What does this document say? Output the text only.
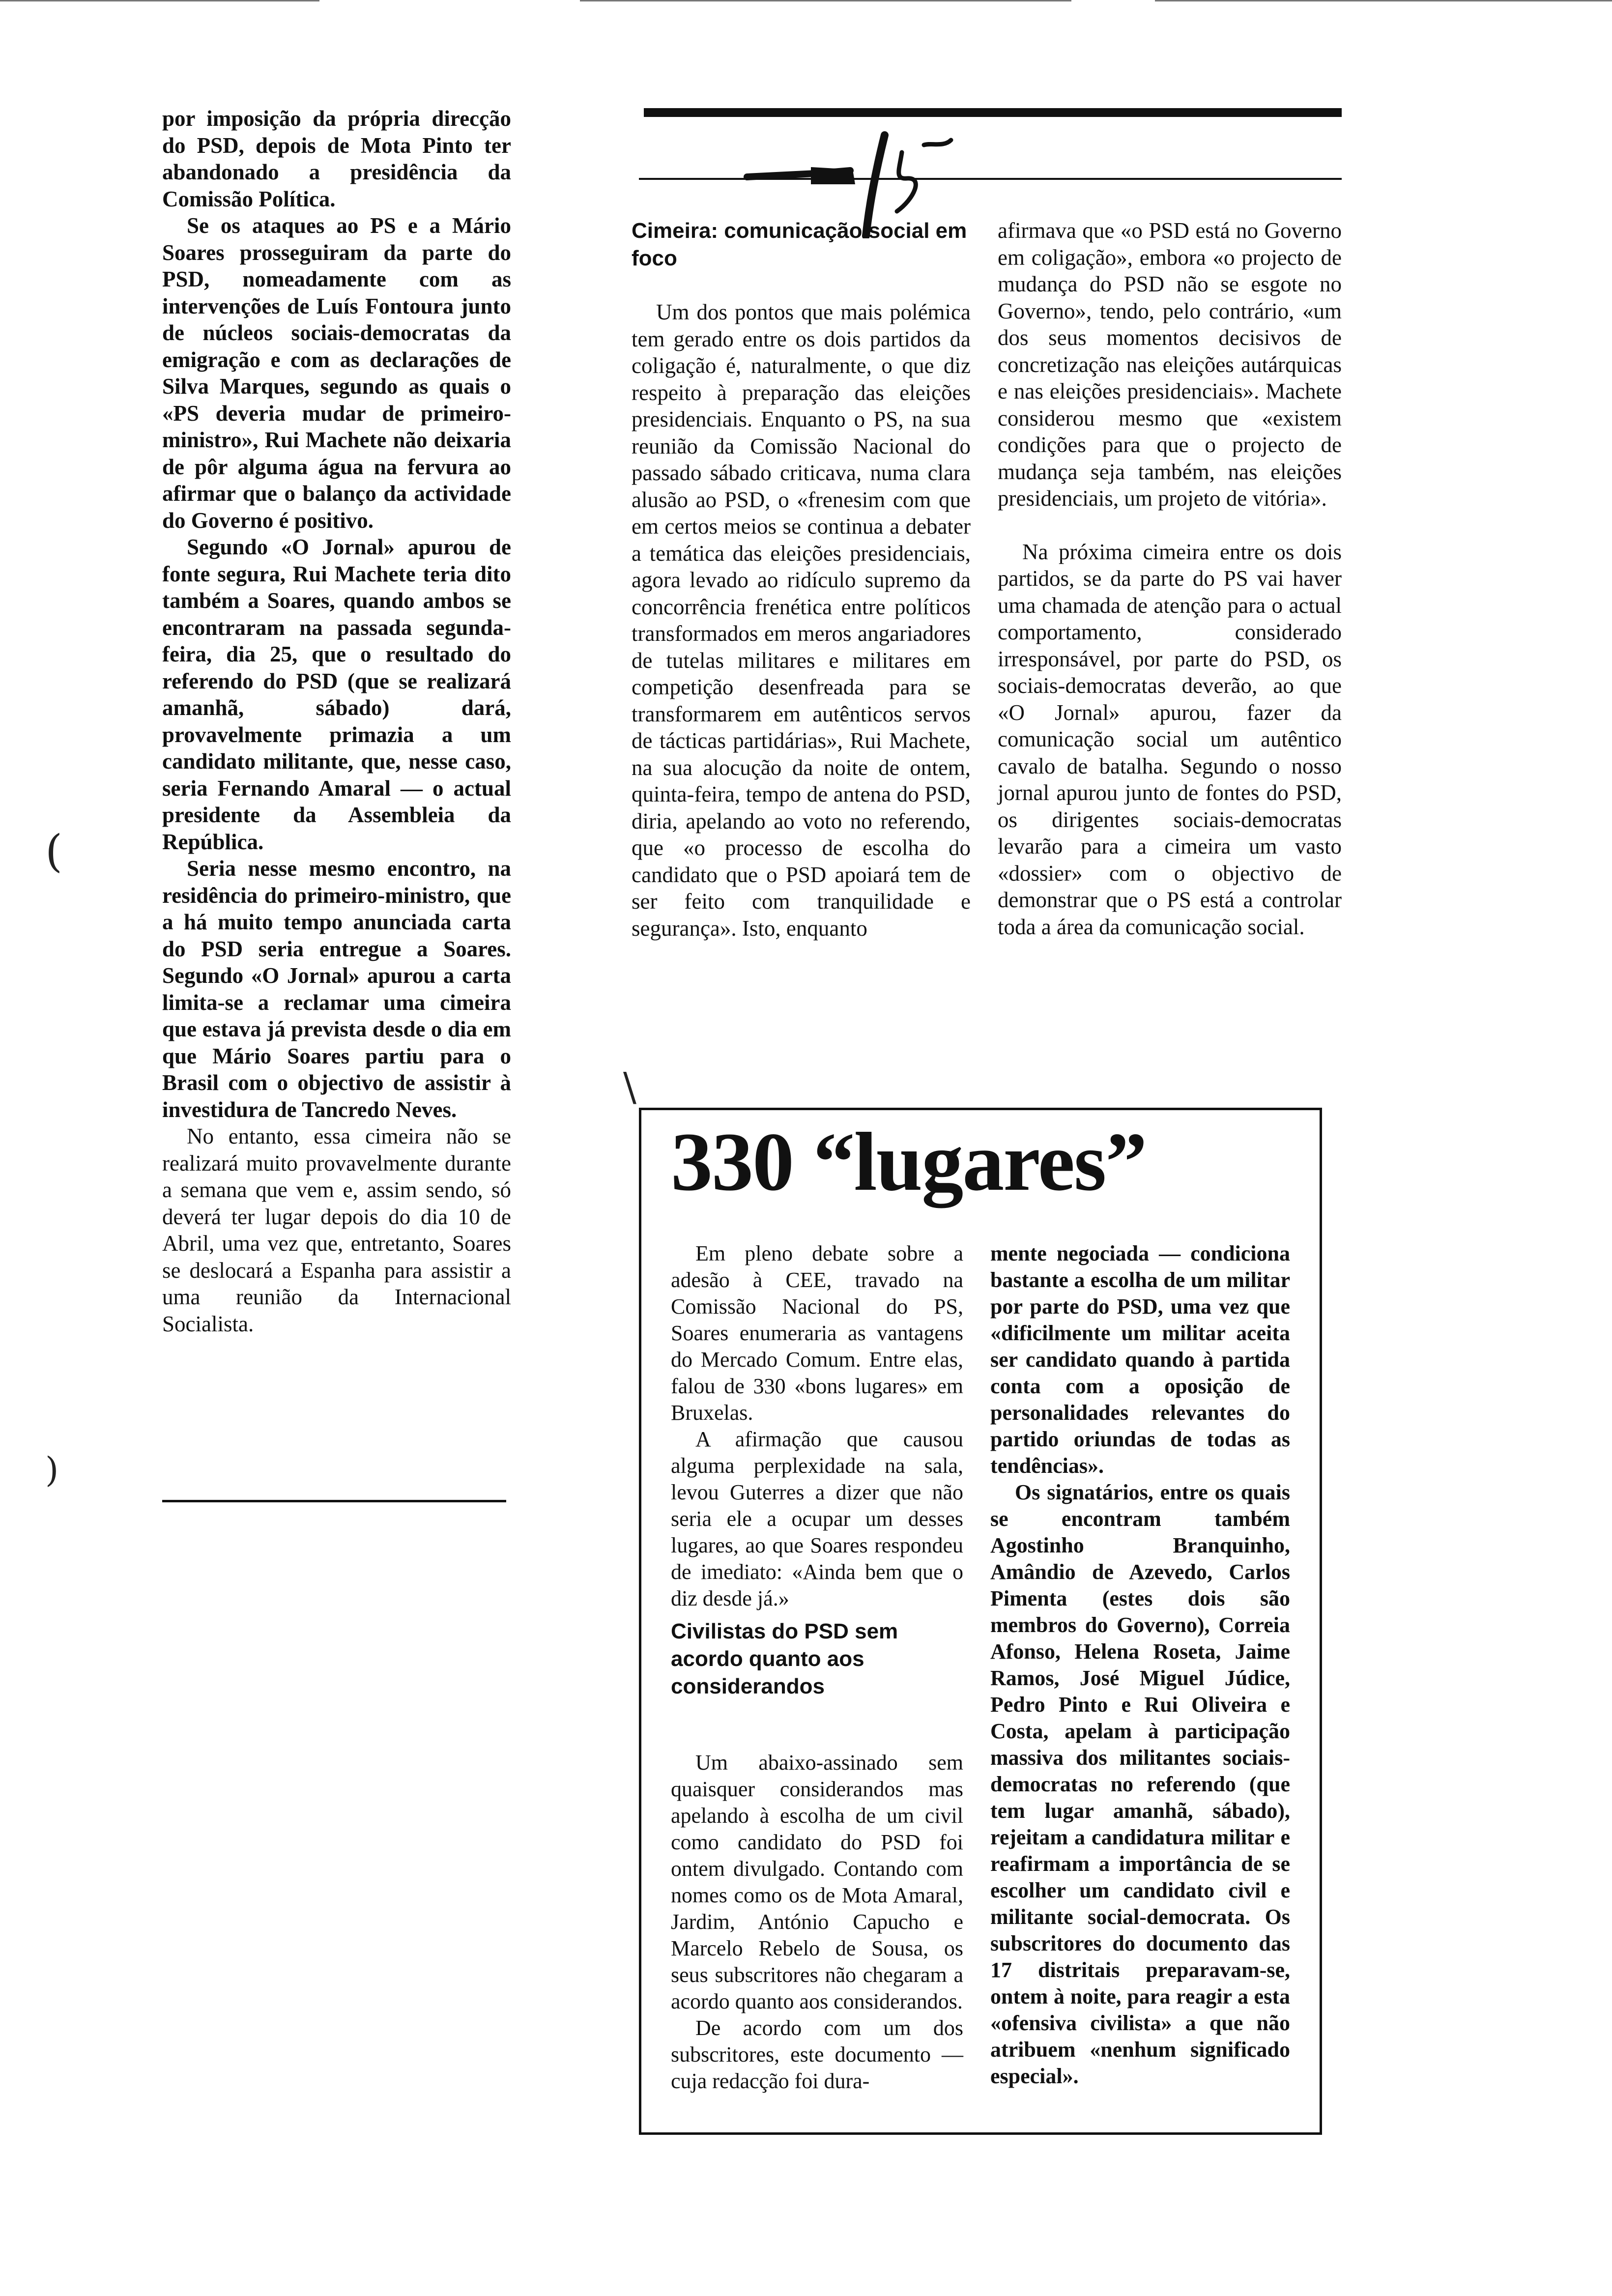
por imposição da própria direcção do PSD, depois de Mota Pinto ter abandonado a presidência da Comissão Política.

Se os ataques ao PS e a Mário Soares prosseguiram da parte do PSD, nomeadamente com as intervenções de Luís Fontoura junto de núcleos sociais-democratas da emigração e com as declarações de Silva Marques, segundo as quais o «PS deveria mudar de primeiro-ministro», Rui Machete não deixaria de pôr alguma água na fervura ao afirmar que o balanço da actividade do Governo é positivo.

Segundo «O Jornal» apurou de fonte segura, Rui Machete teria dito também a Soares, quando ambos se encontraram na passada segunda-feira, dia 25, que o resultado do referendo do PSD (que se realizará amanhã, sábado) dará, provavelmente primazia a um candidato militante, que, nesse caso, seria Fernando Amaral — o actual presidente da Assembleia da República.

Seria nesse mesmo encontro, na residência do primeiro-ministro, que a há muito tempo anunciada carta do PSD seria entregue a Soares. Segundo «O Jornal» apurou a carta limita-se a reclamar uma cimeira que estava já prevista desde o dia em que Mário Soares partiu para o Brasil com o objectivo de assistir à investidura de Tancredo Neves.

No entanto, essa cimeira não se realizará muito provavelmente durante a semana que vem e, assim sendo, só deverá ter lugar depois do dia 10 de Abril, uma vez que, entretanto, Soares se deslocará a Espanha para assistir a uma reunião da Internacional Socialista.

Cimeira: comunicação social em foco

Um dos pontos que mais polémica tem gerado entre os dois partidos da coligação é, naturalmente, o que diz respeito à preparação das eleições presidenciais. Enquanto o PS, na sua reunião da Comissão Nacional do passado sábado criticava, numa clara alusão ao PSD, o «frenesim com que em certos meios se continua a debater a temática das eleições presidenciais, agora levado ao ridículo supremo da concorrência frenética entre políticos transformados em meros angariadores de tutelas militares e militares em competição desenfreada para se transformarem em autênticos servos de tácticas partidárias», Rui Machete, na sua alocução da noite de ontem, quinta-feira, tempo de antena do PSD, diria, apelando ao voto no referendo, que «o processo de escolha do candidato que o PSD apoiará tem de ser feito com tranquilidade e segurança». Isto, enquanto

afirmava que «o PSD está no Governo em coligação», embora «o projecto de mudança do PSD não se esgote no Governo», tendo, pelo contrário, «um dos seus momentos decisivos de concretização nas eleições autárquicas e nas eleições presidenciais». Machete considerou mesmo que «existem condições para que o projecto de mudança seja também, nas eleições presidenciais, um projeto de vitória».

Na próxima cimeira entre os dois partidos, se da parte do PS vai haver uma chamada de atenção para o actual comportamento, considerado irresponsável, por parte do PSD, os sociais-democratas deverão, ao que «O Jornal» apurou, fazer da comunicação social um autêntico cavalo de batalha. Segundo o nosso jornal apurou junto de fontes do PSD, os dirigentes sociais-democratas levarão para a cimeira um vasto «dossier» com o objectivo de demonstrar que o PS está a controlar toda a área da comunicação social.

330 “lugares”

Em pleno debate sobre a adesão à CEE, travado na Comissão Nacional do PS, Soares enumeraria as vantagens do Mercado Comum. Entre elas, falou de 330 «bons lugares» em Bruxelas.

A afirmação que causou alguma perplexidade na sala, levou Guterres a dizer que não seria ele a ocupar um desses lugares, ao que Soares respondeu de imediato: «Ainda bem que o diz desde já.»

Civilistas do PSD sem acordo quanto aos considerandos

Um abaixo-assinado sem quaisquer considerandos mas apelando à escolha de um civil como candidato do PSD foi ontem divulgado. Contando com nomes como os de Mota Amaral, Jardim, António Capucho e Marcelo Rebelo de Sousa, os seus subscritores não chegaram a acordo quanto aos considerandos.

De acordo com um dos subscritores, este documento — cuja redacção foi dura-

mente negociada — condiciona bastante a escolha de um militar por parte do PSD, uma vez que «dificilmente um militar aceita ser candidato quando à partida conta com a oposição de personalidades relevantes do partido oriundas de todas as tendências».

Os signatários, entre os quais se encontram também Agostinho Branquinho, Amândio de Azevedo, Carlos Pimenta (estes dois são membros do Governo), Correia Afonso, Helena Roseta, Jaime Ramos, José Miguel Júdice, Pedro Pinto e Rui Oliveira e Costa, apelam à participação massiva dos militantes sociais-democratas no referendo (que tem lugar amanhã, sábado), rejeitam a candidatura militar e reafirmam a importância de se escolher um candidato civil e militante social-democrata. Os subscritores do documento das 17 distritais preparavam-se, ontem à noite, para reagir a esta «ofensiva civilista» a que não atribuem «nenhum significado especial».

(
)
\
